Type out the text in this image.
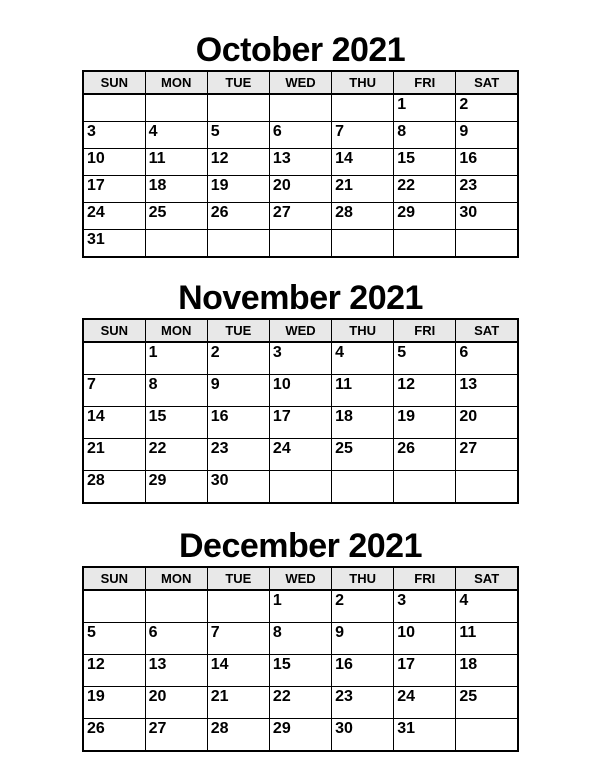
October 2021
SUN	MON	TUE	WED	THU	FRI	SAT
					1	2
3	4	5	6	7	8	9
10	11	12	13	14	15	16
17	18	19	20	21	22	23
24	25	26	27	28	29	30
31						
November 2021
SUN	MON	TUE	WED	THU	FRI	SAT
	1	2	3	4	5	6
7	8	9	10	11	12	13
14	15	16	17	18	19	20
21	22	23	24	25	26	27
28	29	30				
December 2021
SUN	MON	TUE	WED	THU	FRI	SAT
			1	2	3	4
5	6	7	8	9	10	11
12	13	14	15	16	17	18
19	20	21	22	23	24	25
26	27	28	29	30	31	
